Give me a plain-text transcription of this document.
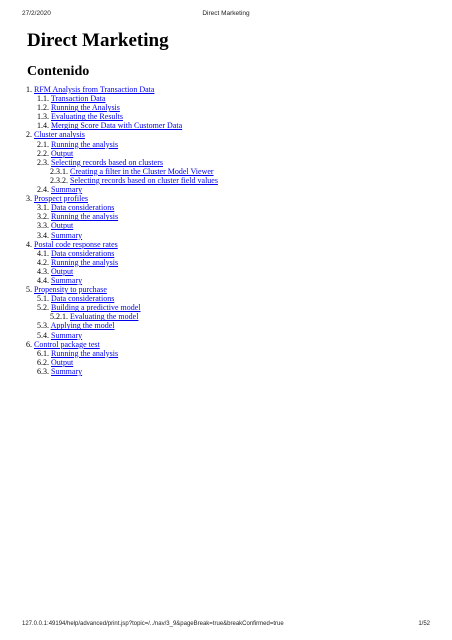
27/2/2020	Direct Marketing
Direct Marketing
Contenido
1. RFM Analysis from Transaction Data
1.1. Transaction Data
1.2. Running the Analysis
1.3. Evaluating the Results
1.4. Merging Score Data with Customer Data
2. Cluster analysis
2.1. Running the analysis
2.2. Output
2.3. Selecting records based on clusters
2.3.1. Creating a filter in the Cluster Model Viewer
2.3.2. Selecting records based on cluster field values
2.4. Summary
3. Prospect profiles
3.1. Data considerations
3.2. Running the analysis
3.3. Output
3.4. Summary
4. Postal code response rates
4.1. Data considerations
4.2. Running the analysis
4.3. Output
4.4. Summary
5. Propensity to purchase
5.1. Data considerations
5.2. Building a predictive model
5.2.1. Evaluating the model
5.3. Applying the model
5.4. Summary
6. Control package test
6.1. Running the analysis
6.2. Output
6.3. Summary
127.0.0.1:49194/help/advanced/print.jsp?topic=/../nav/3_9&pageBreak=true&breakConfirmed=true	1/52
